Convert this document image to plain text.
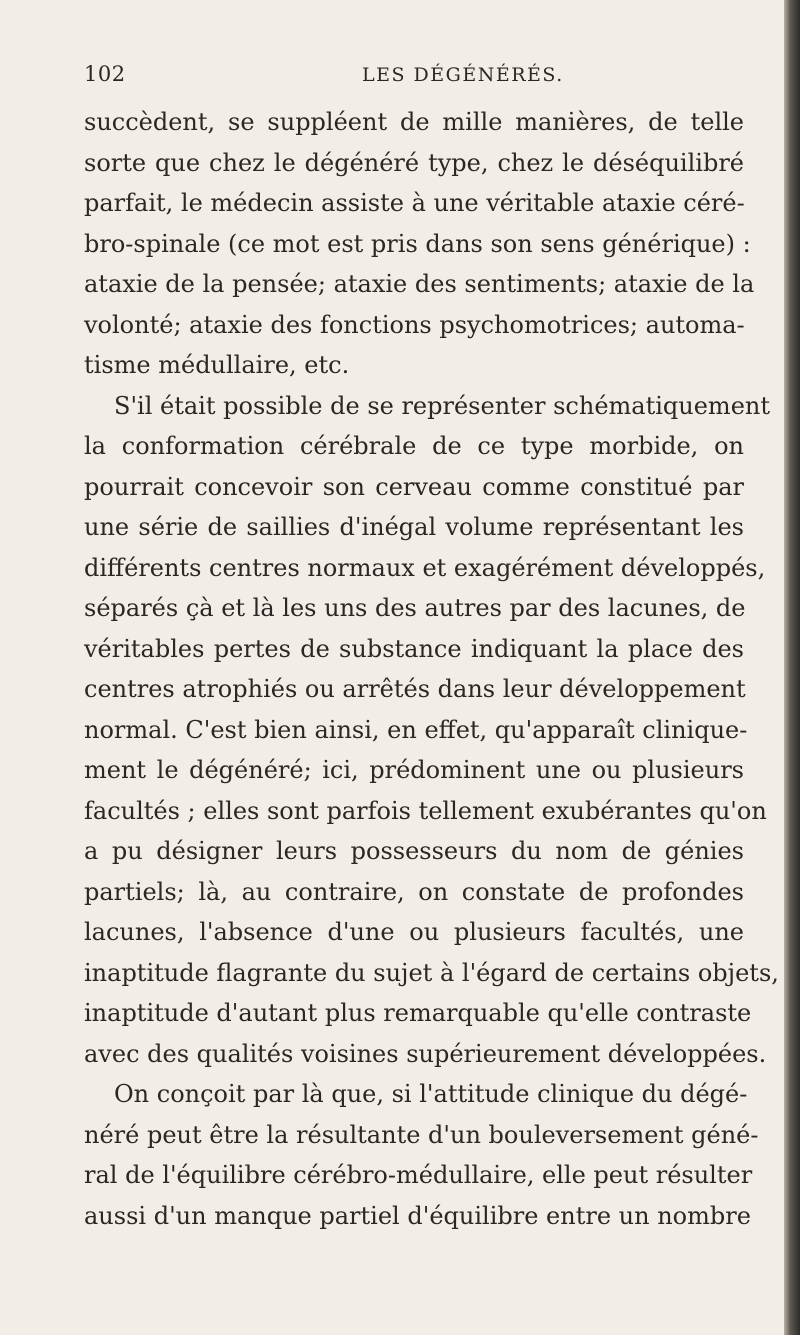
102	LES DÉGÉNÉRÉS.
succèdent, se suppléent de mille manières, de telle
sorte que chez le dégénéré type, chez le déséquilibré
parfait, le médecin assiste à une véritable ataxie céré-
bro-spinale (ce mot est pris dans son sens générique) :
ataxie de la pensée; ataxie des sentiments; ataxie de la
volonté; ataxie des fonctions psychomotrices; automa-
tisme médullaire, etc.
S'il était possible de se représenter schématiquement
la conformation cérébrale de ce type morbide, on
pourrait concevoir son cerveau comme constitué par
une série de saillies d'inégal volume représentant les
différents centres normaux et exagérément développés,
séparés çà et là les uns des autres par des lacunes, de
véritables pertes de substance indiquant la place des
centres atrophiés ou arrêtés dans leur développement
normal. C'est bien ainsi, en effet, qu'apparaît clinique-
ment le dégénéré; ici, prédominent une ou plusieurs
facultés ; elles sont parfois tellement exubérantes qu'on
a pu désigner leurs possesseurs du nom de génies
partiels; là, au contraire, on constate de profondes
lacunes, l'absence d'une ou plusieurs facultés, une
inaptitude flagrante du sujet à l'égard de certains objets,
inaptitude d'autant plus remarquable qu'elle contraste
avec des qualités voisines supérieurement développées.
On conçoit par là que, si l'attitude clinique du dégé-
néré peut être la résultante d'un bouleversement géné-
ral de l'équilibre cérébro-médullaire, elle peut résulter
aussi d'un manque partiel d'équilibre entre un nombre
